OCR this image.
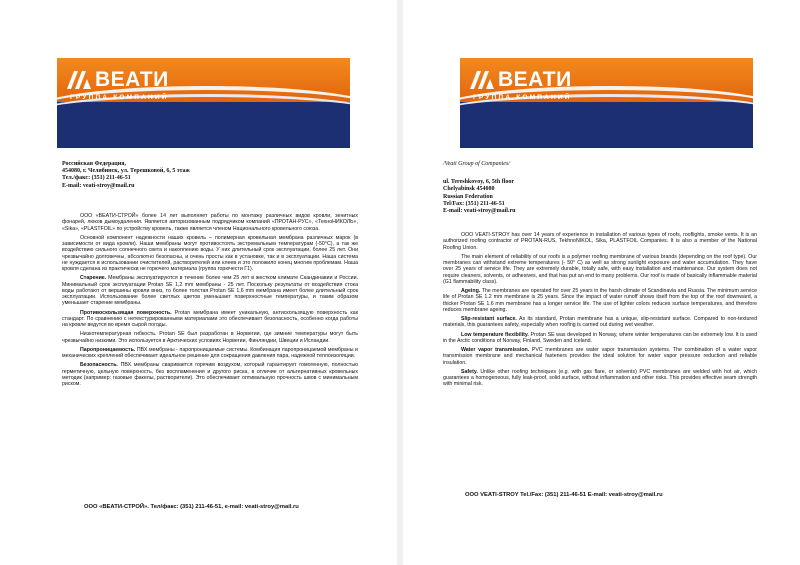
ВЕАТИ
ГРУППА КОМПАНИЙ
Российская Федерация,
454080, г. Челябинск, ул. Терешковой, 6, 5 этаж
Тел./факс: (351) 211-46-51
E-mail: veati-stroy@mail.ru

ООО «ВЕАТИ-СТРОЙ» более 14 лет выполняет работы по монтажу различных видов кровли, зенитных фонарей, люков дымоудаления. Является авторизованным подрядчиком компаний «ПРОТАН-РУС», «ТехноНИКОЛЬ», «Sika», «PLASTFOIL» по устройству кровель, также является членом Национального кровельного союза.

Основной компонент надежности наших кровель – полимерная кровельная мембрана различных марок (в зависимости от вида кровли). Наши мембраны могут противостоять экстремальным температурам (-50°С), а так же воздействию сильного солнечного света и накоплению воды. У них длительный срок эксплуатации, более 25 лет. Они чрезвычайно долговечны, абсолютно безопасны, и очень просты как в установке, так и в эксплуатации. Наша система не нуждается в использовании очистителей, растворителей или клеев и это положило конец многим проблемам. Наша кровля сделана из практически не горючего материала (группа горючести Г1).

Старение. Мембраны эксплуатируются в течение более чем 25 лет в жестком климате Скандинавии и России. Минимальный срок эксплуатации Protan SE 1,2 mm мембраны - 25 лет. Поскольку результаты от воздействия стока воды работают от вершины кровли вниз, то более толстая Protan SE 1,6 mm мембрана имеет более длительный срок эксплуатации. Использование более светлых цветов уменьшает поверхностные температуры, и таким образом уменьшает старение мембраны.

Противоскользящая поверхность. Protan мембрана имеет уникальную, антискользящую поверхность как стандарт. По сравнению с нетекстурированными материалами это обеспечивает безопасность, особенно когда работы на кровле ведутся во время сырой погоды.

Низкотемпературная гибкость. Protan SE был разработан в Норвегии, где зимние температуры могут быть чрезвычайно низкими. Это используется в Арктических условиях Норвегии, Финляндии, Швеции и Исландии.

Паропроницаемость. ПВХ мембраны - паропроницаемые системы. Комбинация паропроницаемой мембраны и механических креплений обеспечивает идеальное решение для сокращения давления пара, надежной теплоизоляции.

Безопасность. ПВХ мембраны сваривается горячим воздухом, который гарантирует гомогенную, полностью герметичную, цельную поверхность, без воспламенения и другого риска, в отличие от альтернативных кровельных методик (например: газовые факелы, растворители). Это обеспечивает оптимальную прочность швов с минимальным риском.

ООО «ВЕАТИ-СТРОЙ». Тел/факс: (351) 211-46-51, e-mail: veati-stroy@mail.ru
ВЕАТИ
ГРУППА КОМПАНИЙ
/Veati Group of Companies/
ul. Tereshkovoy, 6, 5th floor
Chelyabinsk 454080
Russian Federation
Tel/Fax: (351) 211-46-51
E-mail: veati-stroy@mail.ru

OOO VEATI-STROY has over 14 years of experience in installation of various types of roofs, rooflights, smoke vents. It is an authorized roofing contractor of PROTAN-RUS, TekhnoNIKOL, Sika, PLASTFOIL Companies. It is also a member of the National Roofing Union.

The main element of reliability of our roofs is a polymer roofing membrane of various brands (depending on the roof type). Our membranes can withstand extreme temperatures (- 50° C) as well as strong sunlight exposure and water accumulation. They have over 25 years of service life. They are extremely durable, totally safe, with easy installation and maintenance. Our system does not require cleaners, solvents, or adhesives, and that has put an end to many problems. Our roof is made of basically inflammable material (G1 flammability class).

Ageing. The membranes are operated for over 25 years in the harsh climate of Scandinavia and Russia. The minimum service life of Protan SE 1.2 mm membrane is 25 years. Since the impact of water runoff shows itself from the top of the roof downward, a thicker Protan SE 1.6 mm membrane has a longer service life. The use of lighter colors reduces surface temperatures, and therefore reduces membrane ageing.

Slip-resistant surface. As its standard, Protan membrane has a unique, slip-resistant surface. Compared to non-textured materials, this guarantees safety, especially when roofing is carried out during wet weather.

Low temperature flexibility. Protan SE was developed in Norway, where winter temperatures can be extremely low. It is used in the Arctic conditions of Norway, Finland, Sweden and Iceland.

Water vapor transmission. PVC membranes are water vapor transmission systems. The combination of a water vapor transmission membrane and mechanical fasteners provides the ideal solution for water vapor pressure reduction and reliable insulation.

Safety. Unlike other roofing techniques (e.g. with gas flare, or solvents) PVC membranes are welded with hot air, which guarantees a homogeneous, fully leak-proof, solid surface, without inflammation and other risks. This provides effective seam strength with minimal risk.

OOO VEATI-STROY Tel./Fax: (351) 211-46-51 E-mail: veati-stroy@mail.ru
